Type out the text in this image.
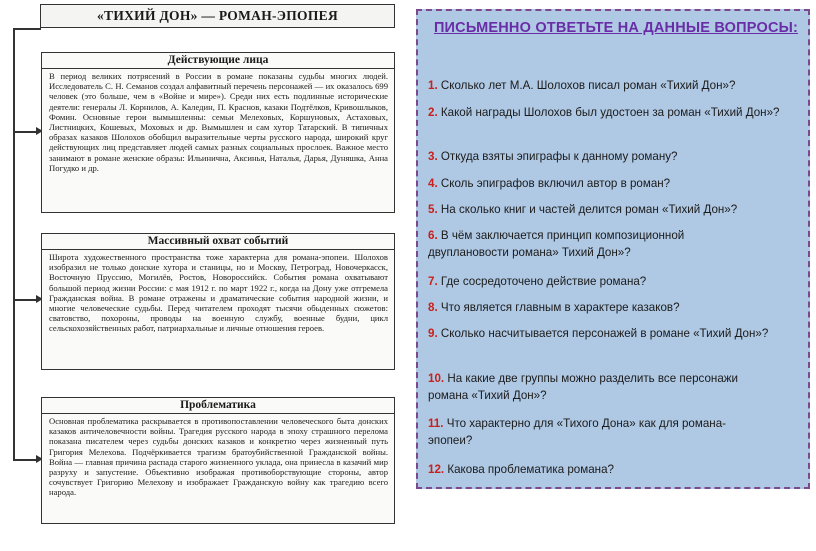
«ТИХИЙ ДОН» — РОМАН-ЭПОПЕЯ
Действующие лица
В период великих потрясений в России в романе показаны судьбы многих людей. Исследователь С. Н. Семанов создал алфавитный перечень персонажей — их оказалось 699 человек (это больше, чем в «Войне и мире»). Среди них есть подлинные исторические деятели: генералы Л. Корнилов, А. Каледин, П. Краснов, казаки Подтёлков, Кривошлыков, Фомин. Основные герои вымышленны: семьи Мелеховых, Коршуновых, Астаховых, Листницких, Кошевых, Моховых и др. Вымышлен и сам хутор Татарский. В типичных образах казаков Шолохов обобщил выразительные черты русского народа, широкий круг действующих лиц представляет людей самых разных социальных прослоек. Важное место занимают в романе женские образы: Ильинична, Аксинья, Наталья, Дарья, Дуняшка, Анна Погудко и др.
Массивный охват событий
Широта художественного пространства тоже характерна для романа-эпопеи. Шолохов изобразил не только донские хутора и станицы, но и Москву, Петроград, Новочеркасск, Восточную Пруссию, Могилёв, Ростов, Новороссийск. События романа охватывают большой период жизни России: с мая 1912 г. по март 1922 г., когда на Дону уже отгремела Гражданская война. В романе отражены и драматические события народной жизни, и многие человеческие судьбы. Перед читателем проходят тысячи обыденных сюжетов: сватовство, похороны, проводы на военную службу, военные будни, цикл сельскохозяйственных работ, патриархальные и личные отношения героев.
Проблематика
Основная проблематика раскрывается в противопоставлении человеческого быта донских казаков античеловечности войны. Трагедия русского народа в эпоху страшного перелома показана писателем через судьбы донских казаков и конкретно через жизненный путь Григория Мелехова. Подчёркивается трагизм братоубийственной Гражданской войны. Война — главная причина распада старого жизненного уклада, она принесла в казачий мир разруху и запустение. Объективно изображая противоборствующие стороны, автор сочувствует Григорию Мелехову и изображает Гражданскую войну как трагедию всего народа.
ПИСЬМЕННО ОТВЕТЬТЕ НА ДАННЫЕ ВОПРОСЫ:
1. Сколько лет М.А. Шолохов писал роман «Тихий Дон»?
2. Какой награды Шолохов был удостоен за роман «Тихий Дон»?
3. Откуда взяты эпиграфы к данному роману?
4. Сколь эпиграфов включил автор в роман?
5. На сколько книг и частей делится роман «Тихий Дон»?
6. В чём заключается принцип композиционной двуплановости романа» Тихий Дон»?
7. Где сосредоточено действие романа?
8. Что является главным в характере казаков?
9. Сколько насчитывается персонажей в романе «Тихий Дон»?
10. На какие две группы можно разделить все персонажи романа «Тихий Дон»?
11. Что характерно для «Тихого Дона» как для романа-эпопеи?
12. Какова проблематика романа?
